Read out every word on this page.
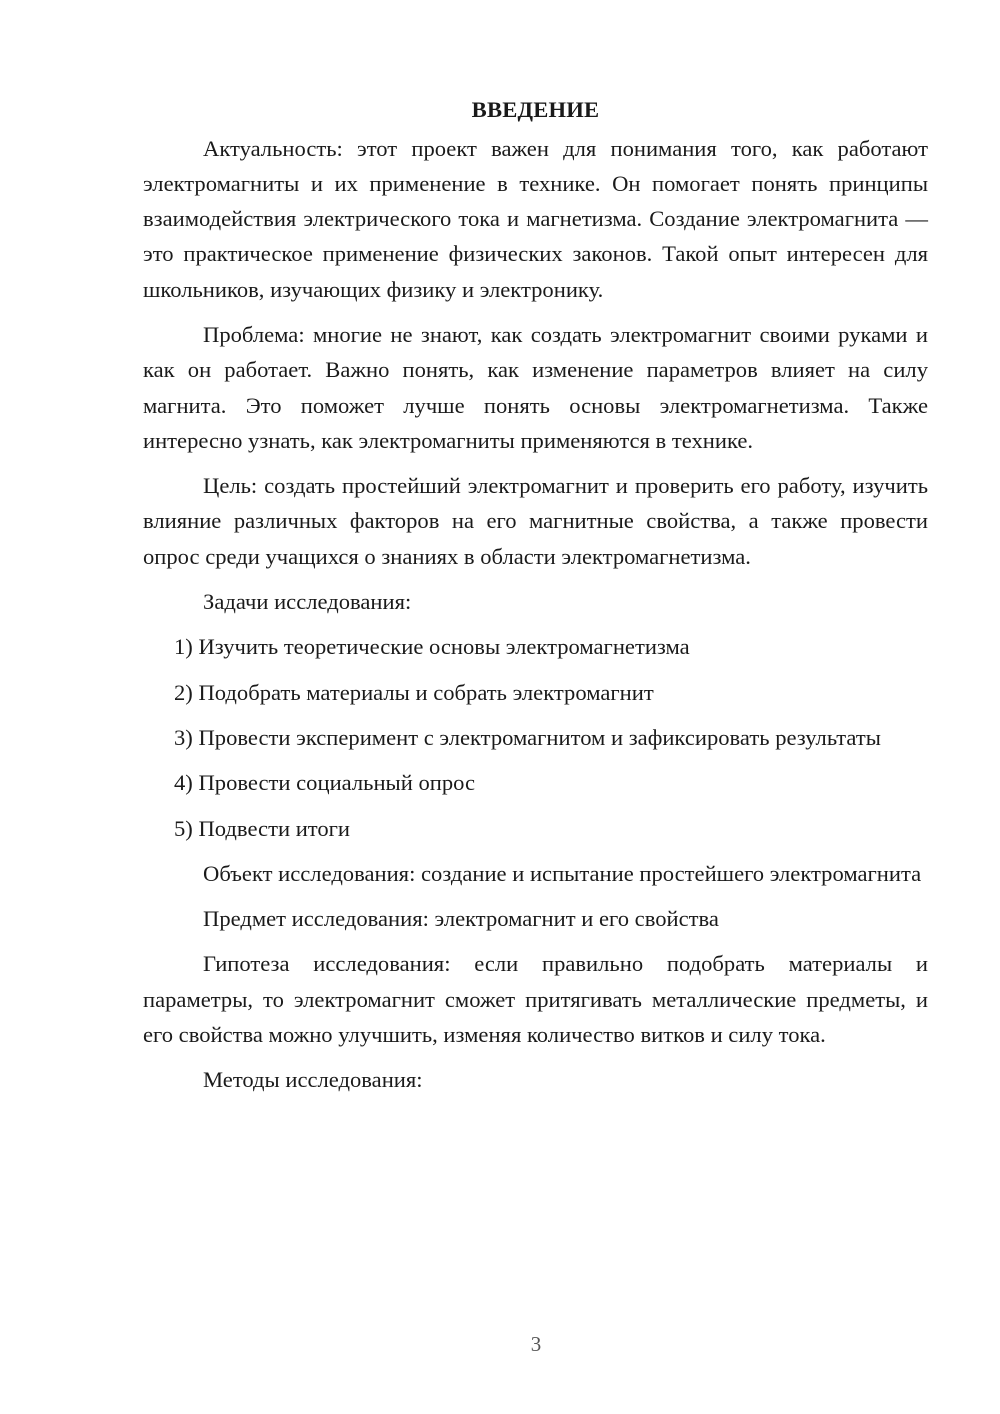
ВВЕДЕНИЕ

Актуальность: этот проект важен для понимания того, как работают электромагниты и их применение в технике. Он помогает понять принципы взаимодействия электрического тока и магнетизма. Создание электромагнита — это практическое применение физических законов. Такой опыт интересен для школьников, изучающих физику и электронику.

Проблема: многие не знают, как создать электромагнит своими руками и как он работает. Важно понять, как изменение параметров влияет на силу магнита. Это поможет лучше понять основы электромагнетизма. Также интересно узнать, как электромагниты применяются в технике.

Цель: создать простейший электромагнит и проверить его работу, изучить влияние различных факторов на его магнитные свойства, а также провести опрос среди учащихся о знаниях в области электромагнетизма.

Задачи исследования:

1) Изучить теоретические основы электромагнетизма

2) Подобрать материалы и собрать электромагнит

3) Провести эксперимент с электромагнитом и зафиксировать результаты

4) Провести социальный опрос

5) Подвести итоги

Объект исследования: создание и испытание простейшего электромагнита

Предмет исследования: электромагнит и его свойства

Гипотеза исследования: если правильно подобрать материалы и параметры, то электромагнит сможет притягивать металлические предметы, и его свойства можно улучшить, изменяя количество витков и силу тока.

Методы исследования:

3
